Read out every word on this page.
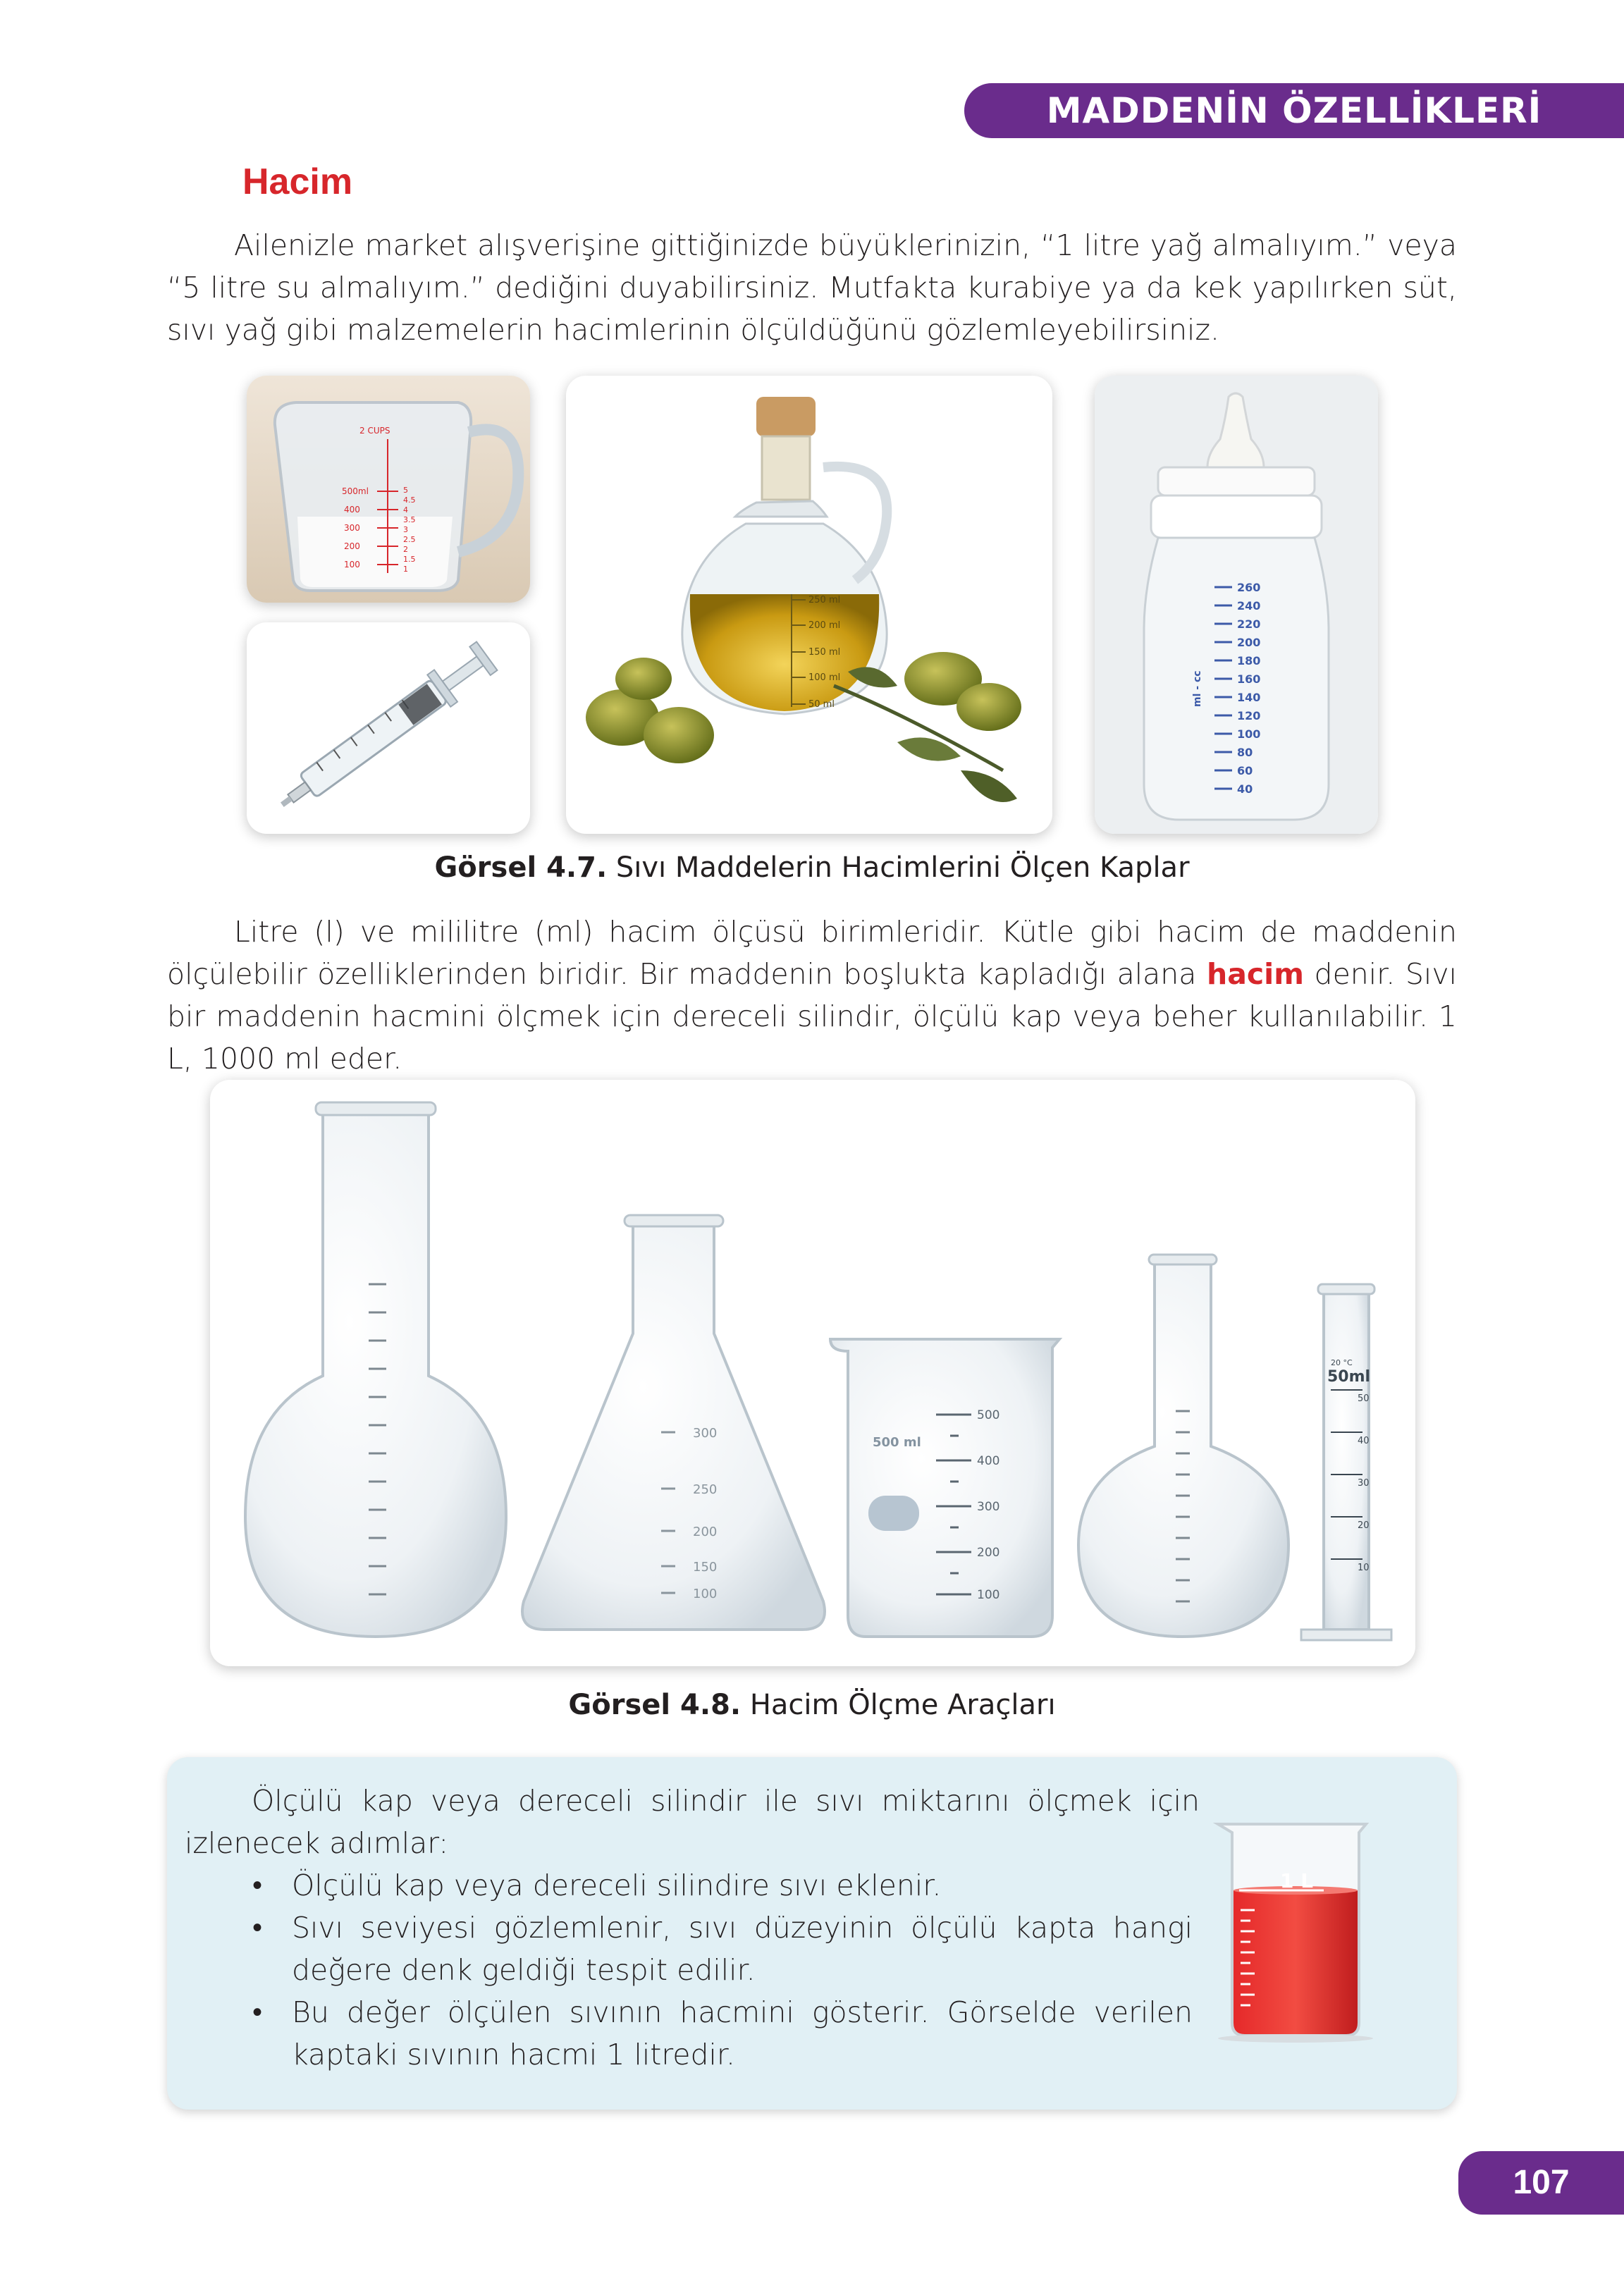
MADDENİN ÖZELLİKLERİ
Hacim
Ailenizle market alışverişine gittiğinizde büyüklerinizin, “1 litre yağ almalıyım.” veya “5 litre su almalıyım.” dediğini duyabilirsiniz. Mutfakta kurabiye ya da kek yapılırken süt, sıvı yağ gibi malzemelerin hacimlerinin ölçüldüğünü gözlemleyebilirsiniz.
500ml
400
300
200
100
2 CUPS
5
4.5
4
3.5
3
2.5
2
1.5
1
250 ml
200 ml
150 ml
100 ml
50 ml
260
240
220
200
180
160
140
120
100
80
60
40
ml - cc
Görsel 4.7. Sıvı Maddelerin Hacimlerini Ölçen Kaplar
Litre (l) ve mililitre (ml) hacim ölçüsü birimleridir. Kütle gibi hacim de maddenin ölçülebilir özelliklerinden biridir. Bir maddenin boşlukta kapladığı alana hacim denir. Sıvı bir maddenin hacmini ölçmek için dereceli silindir, ölçülü kap veya beher kullanılabilir. 1 L, 1000 ml eder.
300
250
200
150
100
500 ml
500
400
300
200
100
20 °C
50ml
50
40
30
20
10
Görsel 4.8. Hacim Ölçme Araçları
Ölçülü kap veya dereceli silindir ile sıvı miktarını ölçmek için izlenecek adımlar:
• Ölçülü kap veya dereceli silindire sıvı eklenir.
• Sıvı seviyesi gözlemlenir, sıvı düzeyinin ölçülü kapta hangi değere denk geldiği tespit edilir.
• Bu değer ölçülen sıvının hacmini gösterir. Görselde verilen kaptaki sıvının hacmi 1 litredir.
1 L
107
